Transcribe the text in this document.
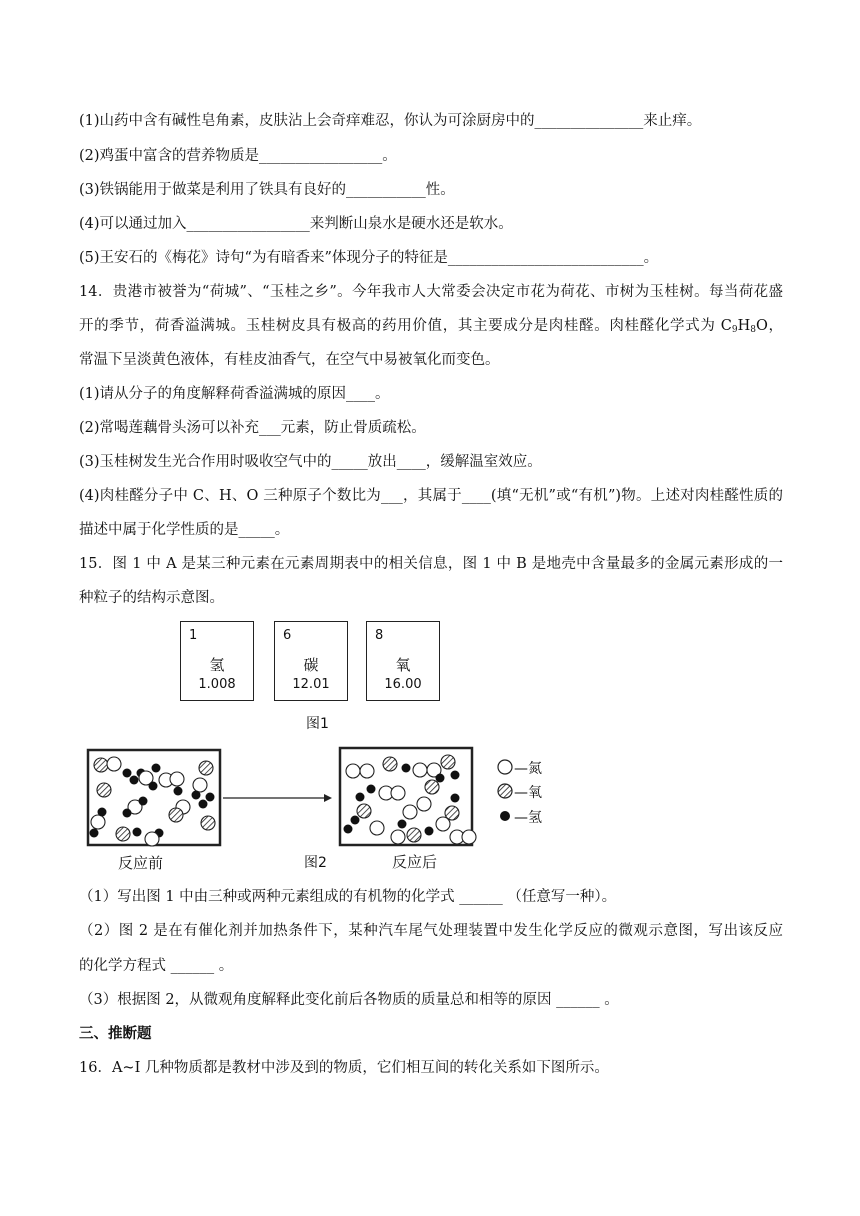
(1)山药中含有碱性皂角素，皮肤沾上会奇痒难忍，你认为可涂厨房中的_______________来止痒。
(2)鸡蛋中富含的营养物质是_________________。
(3)铁锅能用于做菜是利用了铁具有良好的___________性。
(4)可以通过加入_________________来判断山泉水是硬水还是软水。
(5)王安石的《梅花》诗句“为有暗香来”体现分子的特征是___________________________。
14．贵港市被誉为“荷城”、“玉桂之乡”。今年我市人大常委会决定市花为荷花、市树为玉桂树。每当荷花盛
开的季节，荷香溢满城。玉桂树皮具有极高的药用价值，其主要成分是肉桂醛。肉桂醛化学式为 $C_9H_8O$，
常温下呈淡黄色液体，有桂皮油香气，在空气中易被氧化而变色。
(1)请从分子的角度解释荷香溢满城的原因____。
(2)常喝莲藕骨头汤可以补充___元素，防止骨质疏松。
(3)玉桂树发生光合作用时吸收空气中的_____放出____，缓解温室效应。
(4)肉桂醛分子中 C、H、O 三种原子个数比为___，其属于____(填“无机”或“有机”)物。上述对肉桂醛性质的
描述中属于化学性质的是_____。
15．图 1 中 A 是某三种元素在元素周期表中的相关信息，图 1 中 B 是地壳中含量最多的金属元素形成的一
种粒子的结构示意图。
1
氢
1.008
6
碳
12.01
8
氧
16.00
图1
—氮
—氧
—氢
反应前	图2	反应后
（1）写出图 1 中由三种或两种元素组成的有机物的化学式 ______ （任意写一种）。
（2）图 2 是在有催化剂并加热条件下，某种汽车尾气处理装置中发生化学反应的微观示意图，写出该反应
的化学方程式 ______ 。
（3）根据图 2，从微观角度解释此变化前后各物质的质量总和相等的原因 ______ 。
三、推断题
16．A~I 几种物质都是教材中涉及到的物质，它们相互间的转化关系如下图所示。
